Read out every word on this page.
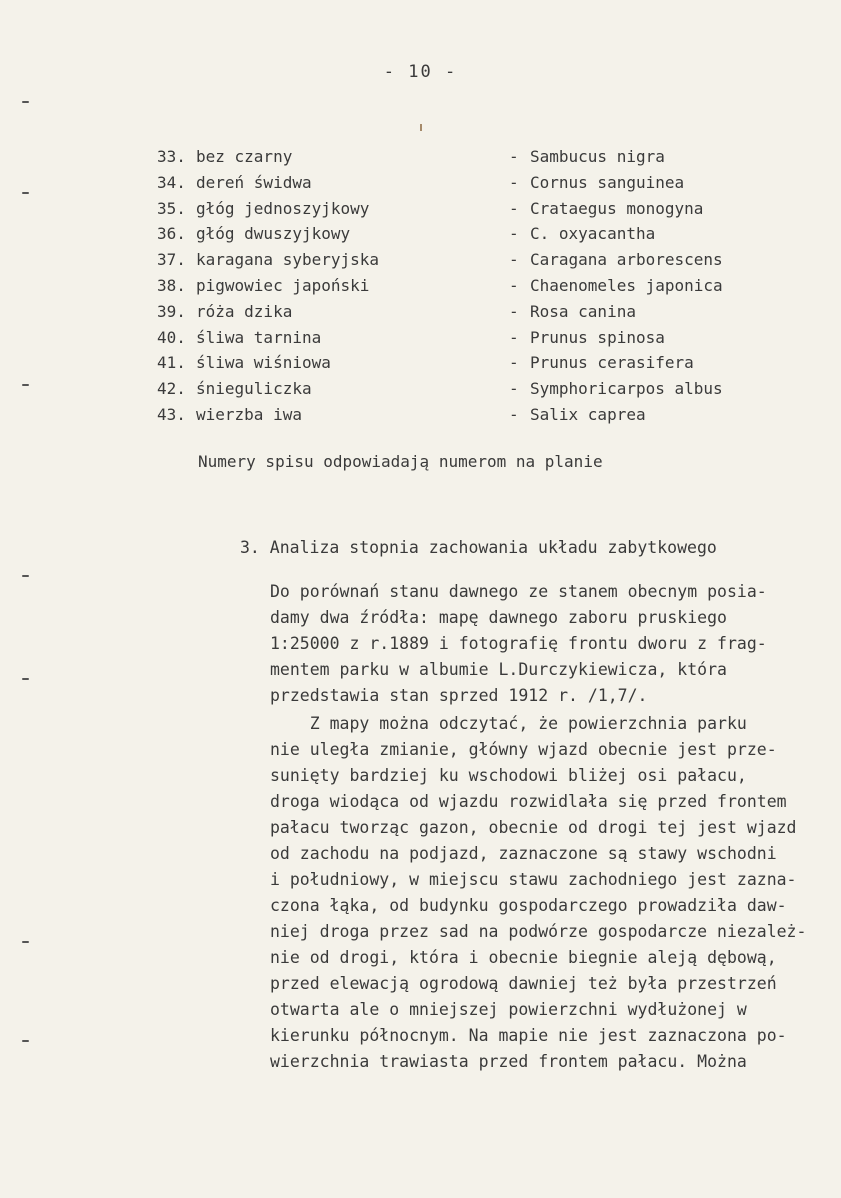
- 10 -
33. bez czarny	- Sambucus nigra
34. dereń świdwa	- Cornus sanguinea
35. głóg jednoszyjkowy	- Crataegus monogyna
36. głóg dwuszyjkowy	- C. oxyacantha
37. karagana syberyjska	- Caragana arborescens
38. pigwowiec japoński	- Chaenomeles japonica
39. róża dzika	- Rosa canina
40. śliwa tarnina	- Prunus spinosa
41. śliwa wiśniowa	- Prunus cerasifera
42. śnieguliczka	- Symphoricarpos albus
43. wierzba iwa	- Salix caprea
Numery spisu odpowiadają numerom na planie
3. Analiza stopnia zachowania układu zabytkowego
Do porównań stanu dawnego ze stanem obecnym posia-
damy dwa źródła: mapę dawnego zaboru pruskiego
1:25000 z r.1889 i fotografię frontu dworu z frag-
mentem parku w albumie L.Durczykiewicza, która
przedstawia stan sprzed 1912 r. /1,7/.
Z mapy można odczytać, że powierzchnia parku
nie uległa zmianie, główny wjazd obecnie jest prze-
sunięty bardziej ku wschodowi bliżej osi pałacu,
droga wiodąca od wjazdu rozwidlała się przed frontem
pałacu tworząc gazon, obecnie od drogi tej jest wjazd
od zachodu na podjazd, zaznaczone są stawy wschodni
i południowy, w miejscu stawu zachodniego jest zazna-
czona łąka, od budynku gospodarczego prowadziła daw-
niej droga przez sad na podwórze gospodarcze niezależ-
nie od drogi, która i obecnie biegnie aleją dębową,
przed elewacją ogrodową dawniej też była przestrzeń
otwarta ale o mniejszej powierzchni wydłużonej w
kierunku północnym. Na mapie nie jest zaznaczona po-
wierzchnia trawiasta przed frontem pałacu. Można
